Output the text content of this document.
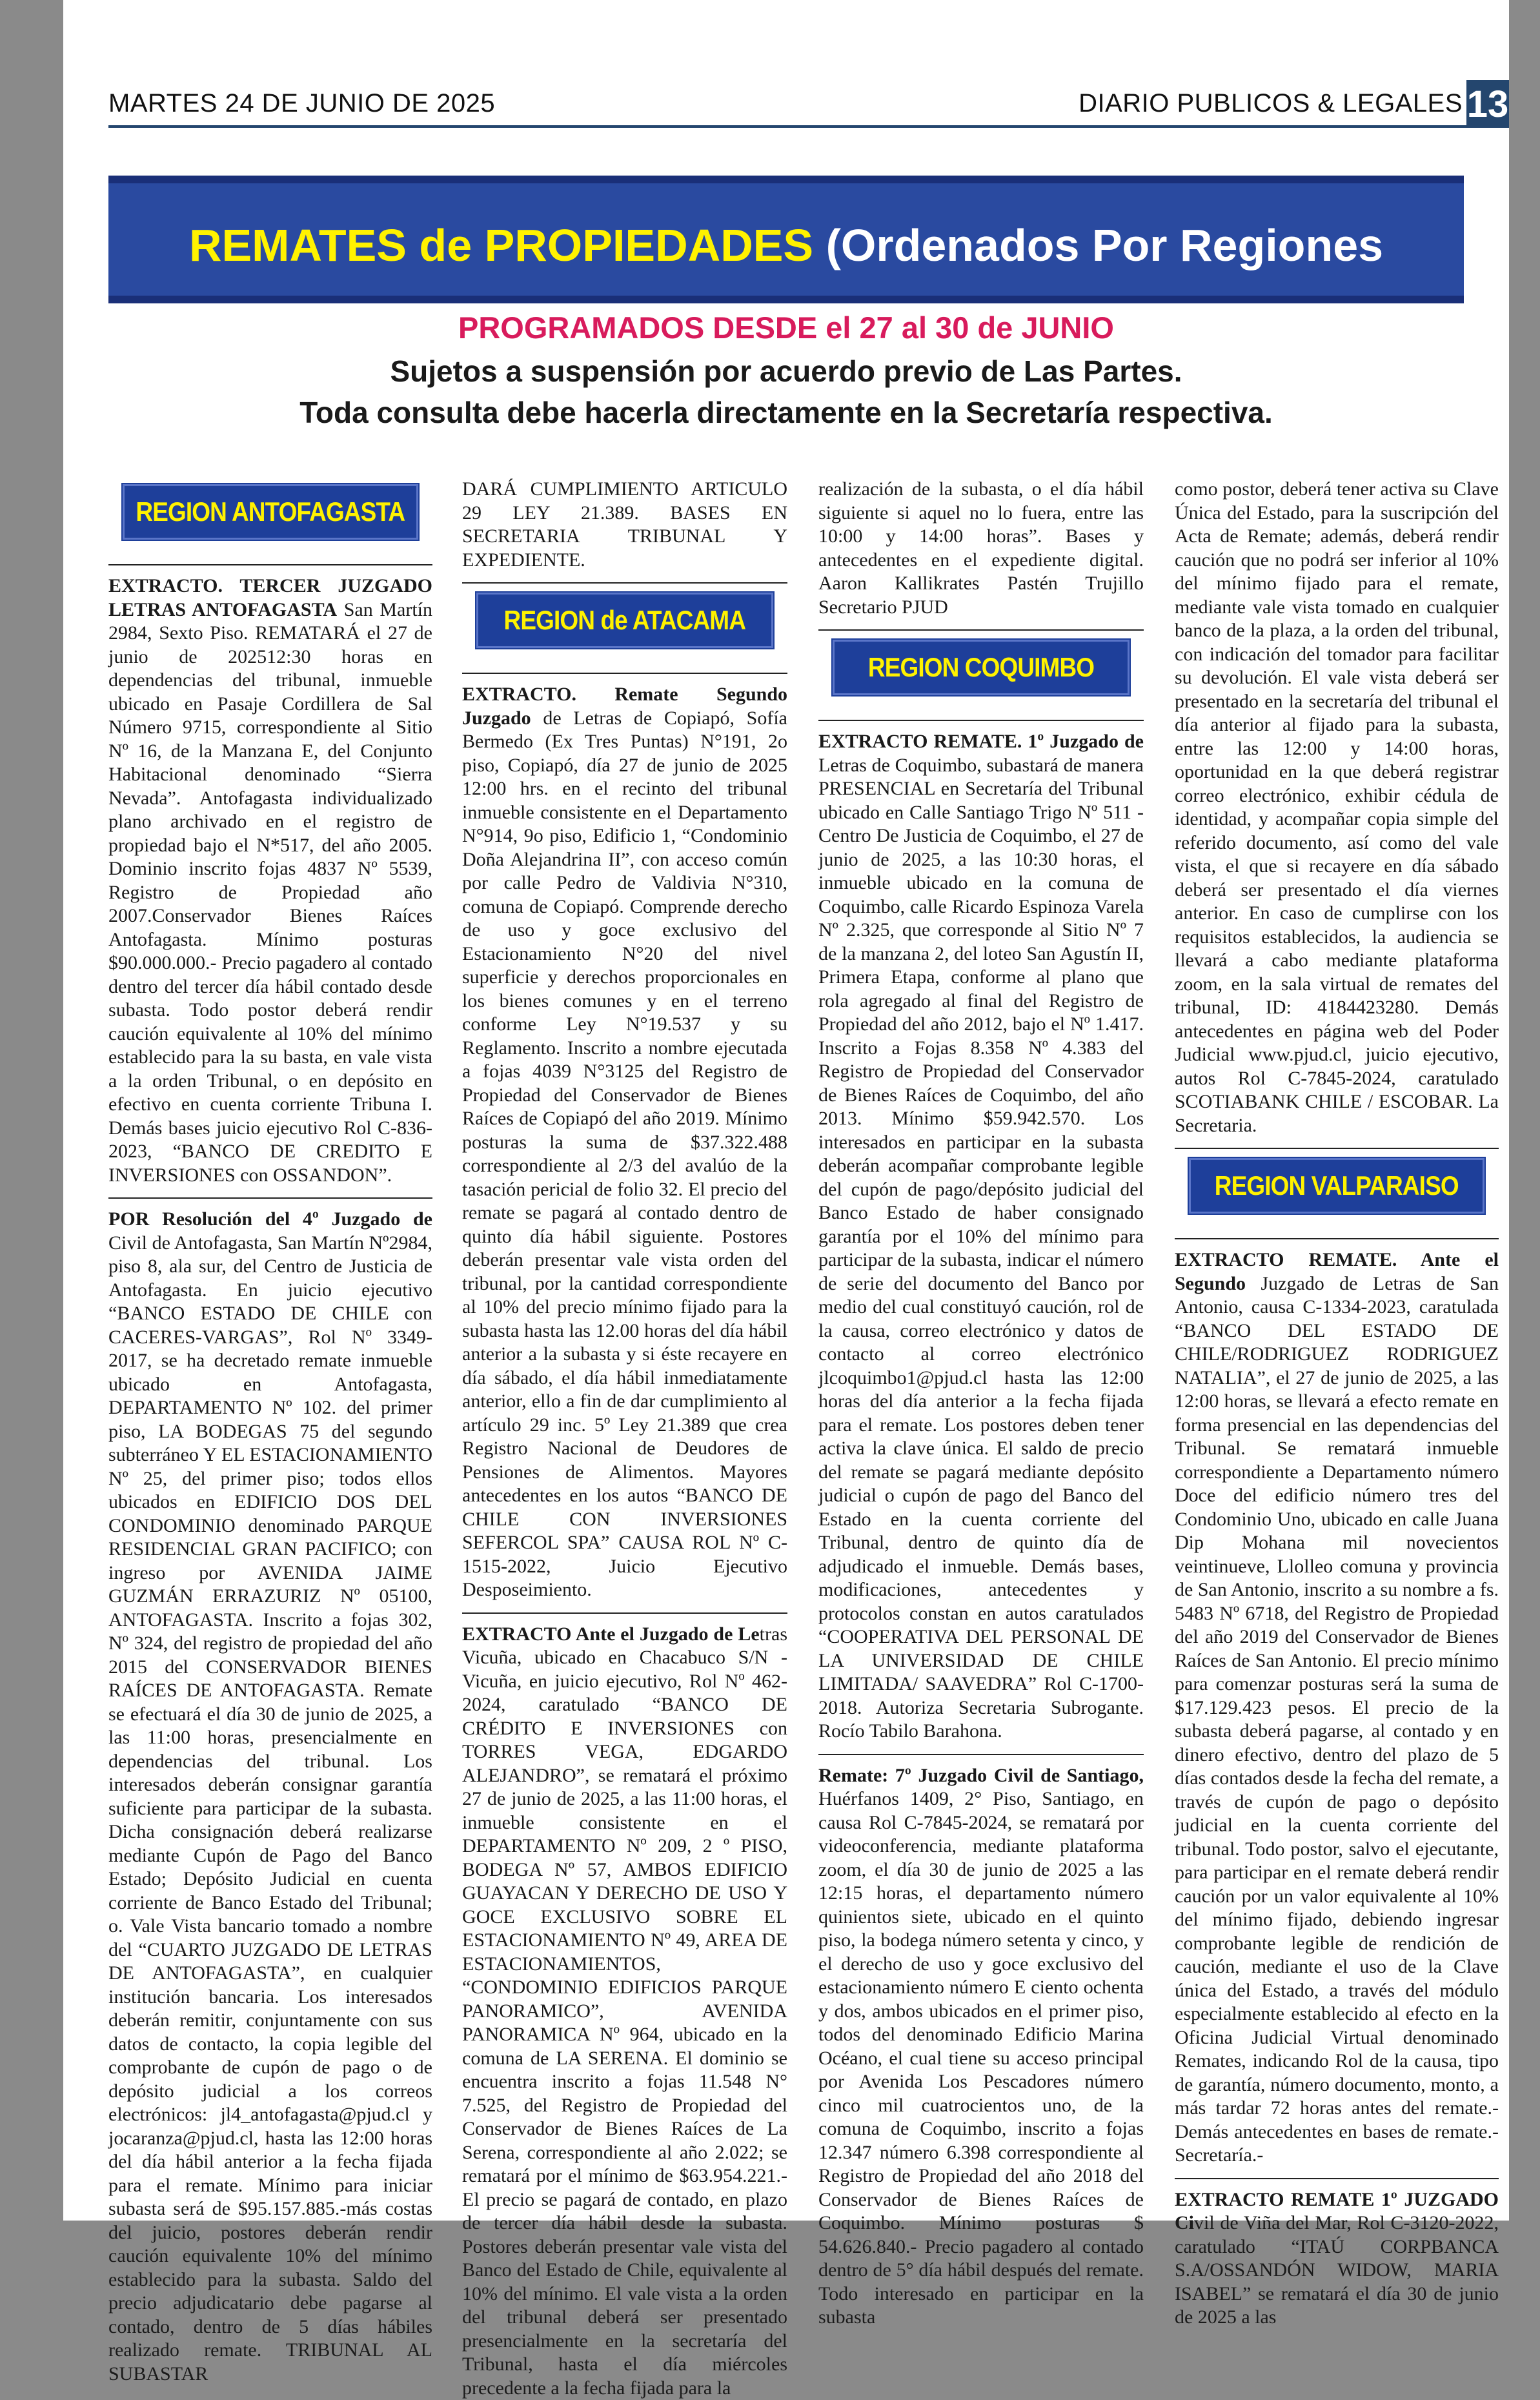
MARTES 24 DE JUNIO DE 2025	DIARIO PUBLICOS & LEGALES 13
REMATES de PROPIEDADES (Ordenados Por Regiones
PROGRAMADOS DESDE el 27 al 30 de JUNIO
Sujetos a suspensión por acuerdo previo de Las Partes.
Toda consulta debe hacerla directamente en la Secretaría respectiva.
REGION ANTOFAGASTA

EXTRACTO. TERCER JUZGADO LETRAS ANTOFAGASTA San Martín 2984, Sexto Piso. REMATARÁ el 27 de junio de 202512:30 horas en dependencias del tribunal, inmueble ubicado en Pasaje Cordillera de Sal Número 9715, correspondiente al Sitio Nº 16, de la Manzana E, del Conjunto Habitacional denominado “Sierra Nevada”. Antofagasta individualizado plano archivado en el registro de propiedad bajo el N*517, del año 2005. Dominio inscrito fojas 4837 Nº 5539, Registro de Propiedad año 2007.Conservador Bienes Raíces Antofagasta. Mínimo posturas $90.000.000.- Precio pagadero al contado dentro del tercer día hábil contado desde subasta. Todo postor deberá rendir caución equivalente al 10% del mínimo establecido para la su basta, en vale vista a la orden Tribunal, o en depósito en efectivo en cuenta corriente Tribuna I. Demás bases juicio ejecutivo Rol C-836-2023, “BANCO DE CREDITO E INVERSIONES con OSSANDON”.

POR Resolución del 4º Juzgado de Civil de Antofagasta, San Martín Nº2984, piso 8, ala sur, del Centro de Justicia de Antofagasta. En juicio ejecutivo “BANCO ESTADO DE CHILE con CACERES-VARGAS”, Rol Nº 3349-2017, se ha decretado remate inmueble ubicado en Antofagasta, DEPARTAMENTO Nº 102. del primer piso, LA BODEGAS 75 del segundo subterráneo Y EL ESTACIONAMIENTO Nº 25, del primer piso; todos ellos ubicados en EDIFICIO DOS DEL CONDOMINIO denominado PARQUE RESIDENCIAL GRAN PACIFICO; con ingreso por AVENIDA JAIME GUZMÁN ERRAZURIZ Nº 05100, ANTOFAGASTA. Inscrito a fojas 302, Nº 324, del registro de propiedad del año 2015 del CONSERVADOR BIENES RAÍCES DE ANTOFAGASTA. Remate se efectuará el día 30 de junio de 2025, a las 11:00 horas, presencialmente en dependencias del tribunal. Los interesados deberán consignar garantía suficiente para participar de la subasta. Dicha consignación deberá realizarse mediante Cupón de Pago del Banco Estado; Depósito Judicial en cuenta corriente de Banco Estado del Tribunal; o. Vale Vista bancario tomado a nombre del “CUARTO JUZGADO DE LETRAS DE ANTOFAGASTA”, en cualquier institución bancaria. Los interesados deberán remitir, conjuntamente con sus datos de contacto, la copia legible del comprobante de cupón de pago o de depósito judicial a los correos electrónicos: jl4_antofagasta@pjud.cl y jocaranza@pjud.cl, hasta las 12:00 horas del día hábil anterior a la fecha fijada para el remate. Mínimo para iniciar subasta será de $95.157.885.-más costas del juicio, postores deberán rendir caución equivalente 10% del mínimo establecido para la subasta. Saldo del precio adjudicatario debe pagarse al contado, dentro de 5 días hábiles realizado remate. TRIBUNAL AL SUBASTAR

DARÁ CUMPLIMIENTO ARTICULO 29 LEY 21.389. BASES EN SECRETARIA TRIBUNAL Y EXPEDIENTE.

REGION de ATACAMA

EXTRACTO. Remate Segundo Juzgado de Letras de Copiapó, Sofía Bermedo (Ex Tres Puntas) N°191, 2o piso, Copiapó, día 27 de junio de 2025 12:00 hrs. en el recinto del tribunal inmueble consistente en el Departamento N°914, 9o piso, Edificio 1, “Condominio Doña Alejandrina II”, con acceso común por calle Pedro de Valdivia N°310, comuna de Copiapó. Comprende derecho de uso y goce exclusivo del Estacionamiento N°20 del nivel superficie y derechos proporcionales en los bienes comunes y en el terreno conforme Ley N°19.537 y su Reglamento. Inscrito a nombre ejecutada a fojas 4039 N°3125 del Registro de Propiedad del Conservador de Bienes Raíces de Copiapó del año 2019. Mínimo posturas la suma de $37.322.488 correspondiente al 2/3 del avalúo de la tasación pericial de folio 32. El precio del remate se pagará al contado dentro de quinto día hábil siguiente. Postores deberán presentar vale vista orden del tribunal, por la cantidad correspondiente al 10% del precio mínimo fijado para la subasta hasta las 12.00 horas del día hábil anterior a la subasta y si éste recayere en día sábado, el día hábil inmediatamente anterior, ello a fin de dar cumplimiento al artículo 29 inc. 5º Ley 21.389 que crea Registro Nacional de Deudores de Pensiones de Alimentos. Mayores antecedentes en los autos “BANCO DE CHILE CON INVERSIONES SEFERCOL SPA” CAUSA ROL Nº C-1515-2022, Juicio Ejecutivo Desposeimiento.

EXTRACTO Ante el Juzgado de Letras Vicuña, ubicado en Chacabuco S/N - Vicuña, en juicio ejecutivo, Rol Nº 462-2024, caratulado “BANCO DE CRÉDITO E INVERSIONES con TORRES VEGA, EDGARDO ALEJANDRO”, se rematará el próximo 27 de junio de 2025, a las 11:00 horas, el inmueble consistente en el DEPARTAMENTO Nº 209, 2 º PISO, BODEGA Nº 57, AMBOS EDIFICIO GUAYACAN Y DERECHO DE USO Y GOCE EXCLUSIVO SOBRE EL ESTACIONAMIENTO Nº 49, AREA DE ESTACIONAMIENTOS, “CONDOMINIO EDIFICIOS PARQUE PANORAMICO”, AVENIDA PANORAMICA Nº 964, ubicado en la comuna de LA SERENA. El dominio se encuentra inscrito a fojas 11.548 N° 7.525, del Registro de Propiedad del Conservador de Bienes Raíces de La Serena, correspondiente al año 2.022; se rematará por el mínimo de $63.954.221.- El precio se pagará de contado, en plazo de tercer día hábil desde la subasta. Postores deberán presentar vale vista del Banco del Estado de Chile, equivalente al 10% del mínimo. El vale vista a la orden del tribunal deberá ser presentado presencialmente en la secretaría del Tribunal, hasta el día miércoles precedente a la fecha fijada para la

realización de la subasta, o el día hábil siguiente si aquel no lo fuera, entre las 10:00 y 14:00 horas”. Bases y antecedentes en el expediente digital. Aaron Kallikrates Pastén Trujillo Secretario PJUD

REGION COQUIMBO

EXTRACTO REMATE. 1º Juzgado de Letras de Coquimbo, subastará de manera PRESENCIAL en Secretaría del Tribunal ubicado en Calle Santiago Trigo Nº 511 - Centro De Justicia de Coquimbo, el 27 de junio de 2025, a las 10:30 horas, el inmueble ubicado en la comuna de Coquimbo, calle Ricardo Espinoza Varela Nº 2.325, que corresponde al Sitio Nº 7 de la manzana 2, del loteo San Agustín II, Primera Etapa, conforme al plano que rola agregado al final del Registro de Propiedad del año 2012, bajo el Nº 1.417. Inscrito a Fojas 8.358 Nº 4.383 del Registro de Propiedad del Conservador de Bienes Raíces de Coquimbo, del año 2013. Mínimo $59.942.570. Los interesados en participar en la subasta deberán acompañar comprobante legible del cupón de pago/depósito judicial del Banco Estado de haber consignado garantía por el 10% del mínimo para participar de la subasta, indicar el número de serie del documento del Banco por medio del cual constituyó caución, rol de la causa, correo electrónico y datos de contacto al correo electrónico jlcoquimbo1@pjud.cl hasta las 12:00 horas del día anterior a la fecha fijada para el remate. Los postores deben tener activa la clave única. El saldo de precio del remate se pagará mediante depósito judicial o cupón de pago del Banco del Estado en la cuenta corriente del Tribunal, dentro de quinto día de adjudicado el inmueble. Demás bases, modificaciones, antecedentes y protocolos constan en autos caratulados “COOPERATIVA DEL PERSONAL DE LA UNIVERSIDAD DE CHILE LIMITADA/ SAAVEDRA” Rol C-1700-2018. Autoriza Secretaria Subrogante. Rocío Tabilo Barahona.

Remate: 7º Juzgado Civil de Santiago, Huérfanos 1409, 2° Piso, Santiago, en causa Rol C-7845-2024, se rematará por videoconferencia, mediante plataforma zoom, el día 30 de junio de 2025 a las 12:15 horas, el departamento número quinientos siete, ubicado en el quinto piso, la bodega número setenta y cinco, y el derecho de uso y goce exclusivo del estacionamiento número E ciento ochenta y dos, ambos ubicados en el primer piso, todos del denominado Edificio Marina Océano, el cual tiene su acceso principal por Avenida Los Pescadores número cinco mil cuatrocientos uno, de la comuna de Coquimbo, inscrito a fojas 12.347 número 6.398 correspondiente al Registro de Propiedad del año 2018 del Conservador de Bienes Raíces de Coquimbo. Mínimo posturas $ 54.626.840.- Precio pagadero al contado dentro de 5° día hábil después del remate. Todo interesado en participar en la subasta

como postor, deberá tener activa su Clave Única del Estado, para la suscripción del Acta de Remate; además, deberá rendir caución que no podrá ser inferior al 10% del mínimo fijado para el remate, mediante vale vista tomado en cualquier banco de la plaza, a la orden del tribunal, con indicación del tomador para facilitar su devolución. El vale vista deberá ser presentado en la secretaría del tribunal el día anterior al fijado para la subasta, entre las 12:00 y 14:00 horas, oportunidad en la que deberá registrar correo electrónico, exhibir cédula de identidad, y acompañar copia simple del referido documento, así como del vale vista, el que si recayere en día sábado deberá ser presentado el día viernes anterior. En caso de cumplirse con los requisitos establecidos, la audiencia se llevará a cabo mediante plataforma zoom, en la sala virtual de remates del tribunal, ID: 4184423280. Demás antecedentes en página web del Poder Judicial www.pjud.cl, juicio ejecutivo, autos Rol C-7845-2024, caratulado SCOTIABANK CHILE / ESCOBAR. La Secretaria.

REGION VALPARAISO

EXTRACTO REMATE. Ante el Segundo Juzgado de Letras de San Antonio, causa C-1334-2023, caratulada “BANCO DEL ESTADO DE CHILE/RODRIGUEZ RODRIGUEZ NATALIA”, el 27 de junio de 2025, a las 12:00 horas, se llevará a efecto remate en forma presencial en las dependencias del Tribunal. Se rematará inmueble correspondiente a Departamento número Doce del edificio número tres del Condominio Uno, ubicado en calle Juana Dip Mohana mil novecientos veintinueve, Llolleo comuna y provincia de San Antonio, inscrito a su nombre a fs. 5483 Nº 6718, del Registro de Propiedad del año 2019 del Conservador de Bienes Raíces de San Antonio. El precio mínimo para comenzar posturas será la suma de $17.129.423 pesos. El precio de la subasta deberá pagarse, al contado y en dinero efectivo, dentro del plazo de 5 días contados desde la fecha del remate, a través de cupón de pago o depósito judicial en la cuenta corriente del tribunal. Todo postor, salvo el ejecutante, para participar en el remate deberá rendir caución por un valor equivalente al 10% del mínimo fijado, debiendo ingresar comprobante legible de rendición de caución, mediante el uso de la Clave única del Estado, a través del módulo especialmente establecido al efecto en la Oficina Judicial Virtual denominado Remates, indicando Rol de la causa, tipo de garantía, número documento, monto, a más tardar 72 horas antes del remate.- Demás antecedentes en bases de remate.- Secretaría.-

EXTRACTO REMATE 1º JUZGADO Civil de Viña del Mar, Rol C-3120-2022, caratulado “ITAÚ CORPBANCA S.A/OSSANDÓN WIDOW, MARIA ISABEL” se rematará el día 30 de junio de 2025 a las
